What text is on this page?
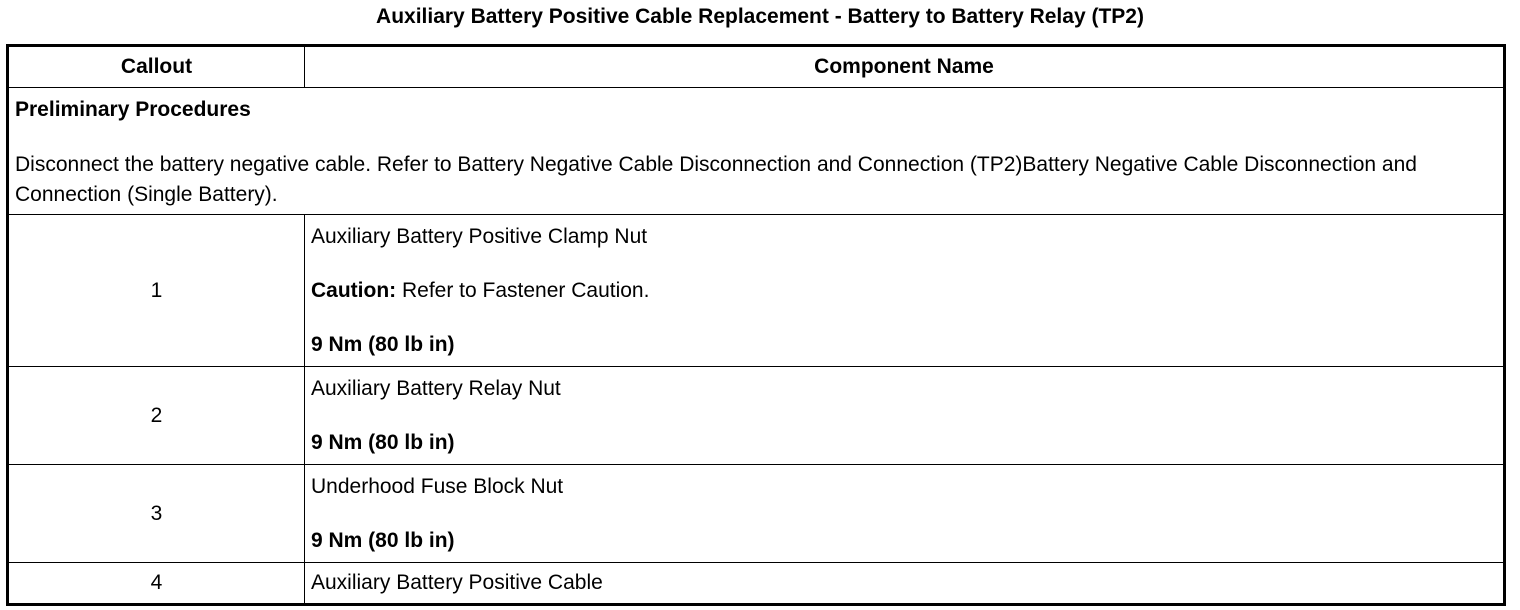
Auxiliary Battery Positive Cable Replacement - Battery to Battery Relay (TP2)
Callout	Component Name

Preliminary Procedures

Disconnect the battery negative cable. Refer to Battery Negative Cable Disconnection and Connection (TP2)Battery Negative Cable Disconnection and Connection (Single Battery).	

1	Auxiliary Battery Positive Clamp Nut

Caution: Refer to Fastener Caution.

9 Nm (80 lb in)

2	Auxiliary Battery Relay Nut

9 Nm (80 lb in)

3	Underhood Fuse Block Nut

9 Nm (80 lb in)

4	Auxiliary Battery Positive Cable
